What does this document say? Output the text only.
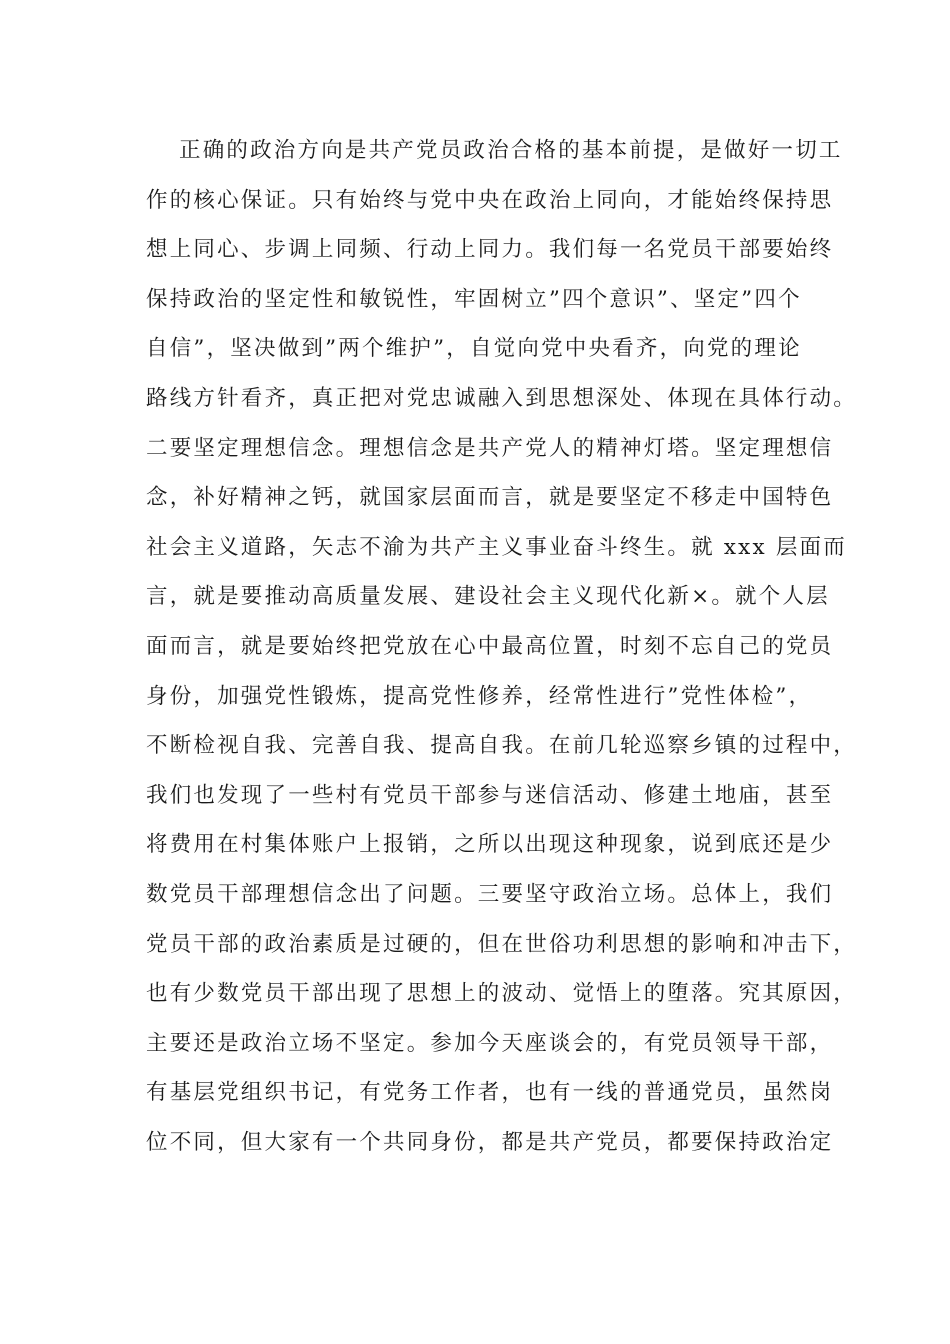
正确的政治方向是共产党员政治合格的基本前提，是做好一切工
作的核心保证。只有始终与党中央在政治上同向，才能始终保持思
想上同心、步调上同频、行动上同力。我们每一名党员干部要始终
保持政治的坚定性和敏锐性，牢固树立”四个意识”、坚定”四个
自信”，坚决做到”两个维护”，自觉向党中央看齐，向党的理论
路线方针看齐，真正把对党忠诚融入到思想深处、体现在具体行动。
二要坚定理想信念。理想信念是共产党人的精神灯塔。坚定理想信
念，补好精神之钙，就国家层面而言，就是要坚定不移走中国特色
社会主义道路，矢志不渝为共产主义事业奋斗终生。就 xxx 层面而
言，就是要推动高质量发展、建设社会主义现代化新×。就个人层
面而言，就是要始终把党放在心中最高位置，时刻不忘自己的党员
身份，加强党性锻炼，提高党性修养，经常性进行”党性体检”，
不断检视自我、完善自我、提高自我。在前几轮巡察乡镇的过程中，
我们也发现了一些村有党员干部参与迷信活动、修建土地庙，甚至
将费用在村集体账户上报销，之所以出现这种现象，说到底还是少
数党员干部理想信念出了问题。三要坚守政治立场。总体上，我们
党员干部的政治素质是过硬的，但在世俗功利思想的影响和冲击下，
也有少数党员干部出现了思想上的波动、觉悟上的堕落。究其原因，
主要还是政治立场不坚定。参加今天座谈会的，有党员领导干部，
有基层党组织书记，有党务工作者，也有一线的普通党员，虽然岗
位不同，但大家有一个共同身份，都是共产党员，都要保持政治定
